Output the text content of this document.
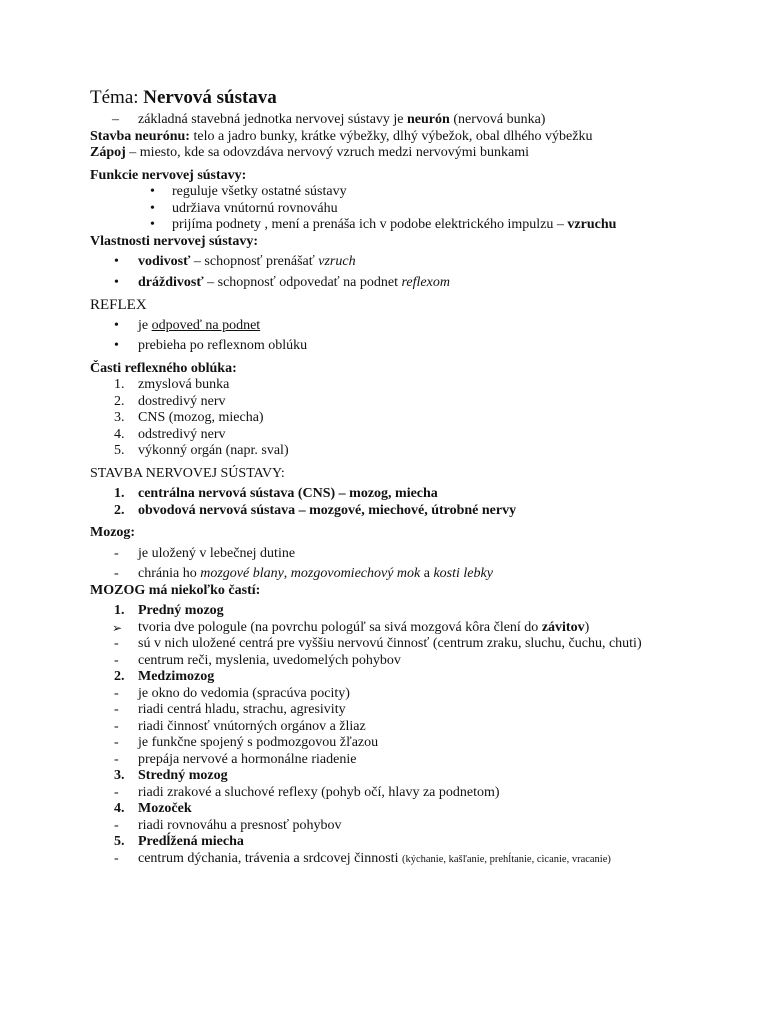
Téma: Nervová sústava
– základná stavebná jednotka nervovej sústavy je neurón (nervová bunka)
Stavba neurónu: telo a jadro bunky, krátke výbežky, dlhý výbežok, obal dlhého výbežku
Zápoj – miesto, kde sa odovzdáva nervový vzruch medzi nervovými bunkami
Funkcie nervovej sústavy:
• reguluje všetky ostatné sústavy
• udržiava vnútornú rovnováhu
• prijíma podnety , mení a prenáša ich v podobe elektrického impulzu – vzruchu
Vlastnosti nervovej sústavy:
• vodivosť – schopnosť prenášať vzruch
• dráždivosť – schopnosť odpovedať na podnet reflexom
REFLEX
• je odpoveď na podnet
• prebieha po reflexnom oblúku
Časti reflexného oblúka:
1. zmyslová bunka
2. dostredivý nerv
3. CNS (mozog, miecha)
4. odstredivý nerv
5. výkonný orgán (napr. sval)
STAVBA NERVOVEJ SÚSTAVY:
1. centrálna nervová sústava (CNS) – mozog, miecha
2. obvodová nervová sústava – mozgové, miechové, útrobné nervy
Mozog:
- je uložený v lebečnej dutine
- chránia ho mozgové blany, mozgovomiechový mok a kosti lebky
MOZOG má niekoľko častí:
1. Predný mozog
➢ tvoria dve pologule (na povrchu pologúľ sa sivá mozgová kôra člení do závitov)
- sú v nich uložené centrá pre vyššiu nervovú činnosť (centrum zraku, sluchu, čuchu, chuti)
- centrum reči, myslenia, uvedomelých pohybov
2. Medzimozog
- je okno do vedomia (spracúva pocity)
- riadi centrá hladu, strachu, agresivity
- riadi činnosť vnútorných orgánov a žliaz
- je funkčne spojený s podmozgovou žľazou
- prepája nervové a hormonálne riadenie
3. Stredný mozog
- riadi zrakové a sluchové reflexy (pohyb očí, hlavy za podnetom)
4. Mozoček
- riadi rovnováhu a presnosť pohybov
5. Predĺžená miecha
- centrum dýchania, trávenia a srdcovej činnosti (kýchanie, kašľanie, prehĺtanie, cicanie, vracanie)
